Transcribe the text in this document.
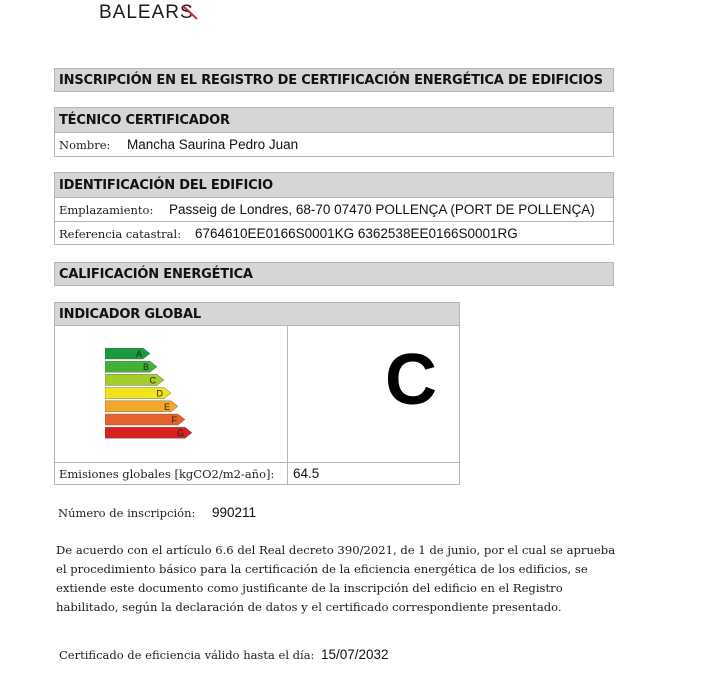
BALEARS
INSCRIPCIÓN EN EL REGISTRO DE CERTIFICACIÓN ENERGÉTICA DE EDIFICIOS
TÉCNICO CERTIFICADOR
Nombre:	Mancha Saurina Pedro Juan
IDENTIFICACIÓN DEL EDIFICIO
Emplazamiento:	Passeig de Londres, 68-70 07470 POLLENÇA (PORT DE POLLENÇA)
Referencia catastral:	6764610EE0166S0001KG 6362538EE0166S0001RG
CALIFICACIÓN ENERGÉTICA
INDICADOR GLOBAL
A
B
C
D
E
F
G
C
Emisiones globales [kgCO2/m2-año]:	64.5
Número de inscripción:	990211
De acuerdo con el artículo 6.6 del Real decreto 390/2021, de 1 de junio, por el cual se aprueba el procedimiento básico para la certificación de la eficiencia energética de los edificios, se extiende este documento como justificante de la inscripción del edificio en el Registro habilitado, según la declaración de datos y el certificado correspondiente presentado.
Certificado de eficiencia válido hasta el día: 15/07/2032
